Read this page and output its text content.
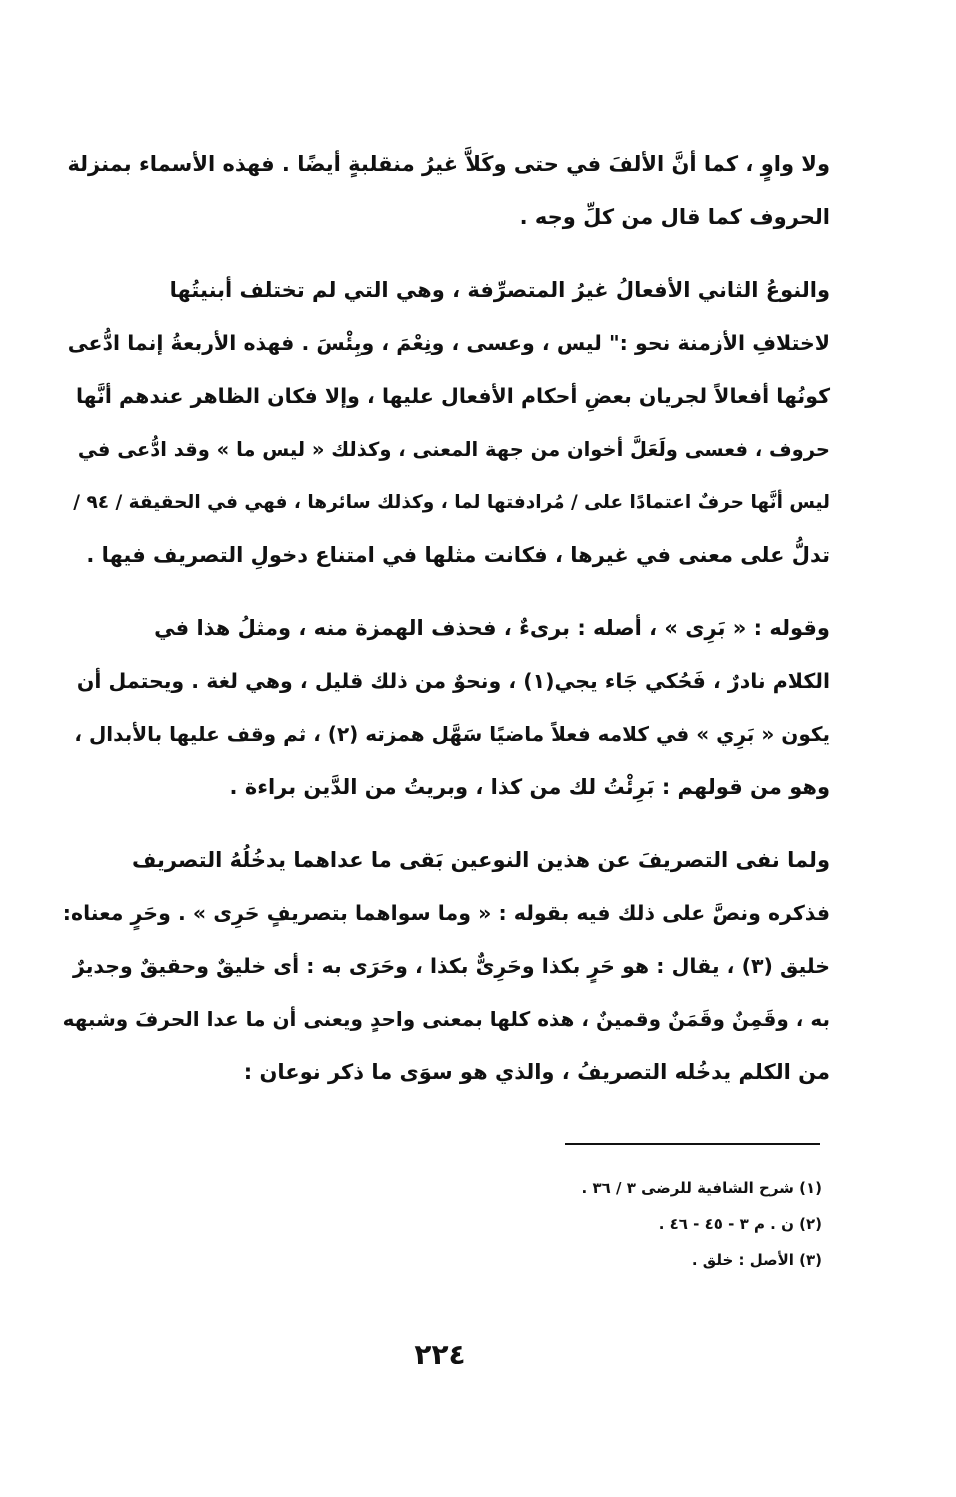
ولا واوٍ ، كما أنَّ الألفَ في حتى وكَلاَّ غيرُ منقلبةٍ أيضًا . فهذه الأسماء بمنزلة
الحروف كما قال من كلِّ وجه .

والنوعُ الثاني الأفعالُ غيرُ المتصرِّفة ، وهي التي لم تختلف أبنيتُها
لاختلافِ الأزمنة نحو :" ليس ، وعسى ، ونِعْمَ ، وبِئْسَ . فهذه الأربعةُ إنما ادُّعى
كونُها أفعالاً لجريان بعضِ أحكام الأفعال عليها ، وإلا فكان الظاهر عندهم أنَّها
حروف ، فعسى ولَعَلَّ أخوان من جهة المعنى ، وكذلك « ليس ما » وقد ادُّعى في
ليس أنَّها حرفٌ اعتمادًا على / مُرادفتها لما ، وكذلك سائرها ، فهي في الحقيقة / ٩٤ /
تدلُّ على معنى في غيرها ، فكانت مثلها في امتناع دخولِ التصريف فيها .

وقوله : « بَرِى » ، أصله : برىءٌ ، فحذف الهمزة منه ، ومثلُ هذا في
الكلام نادرٌ ، فَحُكي جَاء يجي(١) ، ونحوٌ من ذلك قليل ، وهي لغة . ويحتمل أن
يكون « بَرِي » في كلامه فعلاً ماضيًا سَهَّل همزته (٢) ، ثم وقف عليها بالأبدال ،
وهو من قولهم : بَرِئْتُ لك من كذا ، وبريتُ من الدَّين براءة .

ولما نفى التصريفَ عن هذين النوعين بَقى ما عداهما يدخُلُهُ التصريف
فذكره ونصَّ على ذلك فيه بقوله : « وما سواهما بتصريفٍ حَرِى » . وحَرٍ معناه:
خليق (٣) ، يقال : هو حَرٍ بكذا وحَرِىٌّ بكذا ، وحَرَى به : أى خليقٌ وحقيقٌ وجديرٌ
به ، وقَمِنٌ وقَمَنٌ وقمينٌ ، هذه كلها بمعنى واحدٍ ويعنى أن ما عدا الحرفَ وشبهه
من الكلم يدخُله التصريفُ ، والذي هو سوَى ما ذكر نوعان :

(١) شرح الشافية للرضى ٣ / ٣٦ .
(٢) ن . م ٣ - ٤٥ - ٤٦ .
(٣) الأصل : خلق .
٢٢٤
